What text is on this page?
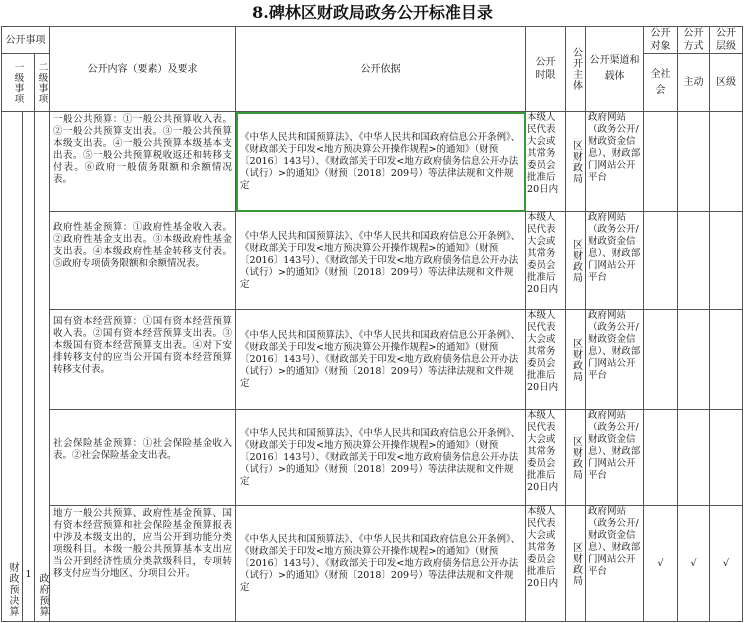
8.碑林区财政局政务公开标准目录
公开事项			公开内容（要素）及要求	公开依据	公开时限	公开主体	公开渠道和载体	公开对象	公开方式	公开层级

一级事项		二级事项						全社会	主动	区级

财政预决算	1	政府预算	一般公共预算：①一般公共预算收入表。②一般公共预算支出表。③一般公共预算本级支出表。④一般公共预算本级基本支出表。⑤一般公共预算税收返还和转移支付表。⑥政府一般债务限额和余额情况表。	《中华人民共和国预算法》、《中华人民共和国政府信息公开条例》、《财政部关于印发<地方预决算公开操作规程>的通知》（财预〔2016〕143号）、《财政部关于印发<地方政府债务信息公开办法（试行）>的通知》（财预〔2018〕209号）等法律法规和文件规定	本级人民代表大会或其常务委员会批准后20日内	区财政局	政府网站（政务公开/财政资金信息）、财政部门网站公开平台			
			政府性基金预算：①政府性基金收入表。②政府性基金支出表。③本级政府性基金支出表。④本级政府性基金转移支付表。⑤政府专项债务限额和余额情况表。	《中华人民共和国预算法》、《中华人民共和国政府信息公开条例》、《财政部关于印发<地方预决算公开操作规程>的通知》（财预〔2016〕143号）、《财政部关于印发<地方政府债务信息公开办法（试行）>的通知》（财预〔2018〕209号）等法律法规和文件规定	本级人民代表大会或其常务委员会批准后20日内	区财政局	政府网站（政务公开/财政资金信息）、财政部门网站公开平台			
			国有资本经营预算：①国有资本经营预算收入表。②国有资本经营预算支出表。③本级国有资本经营预算支出表。④对下安排转移支付的应当公开国有资本经营预算转移支付表。	《中华人民共和国预算法》、《中华人民共和国政府信息公开条例》、《财政部关于印发<地方预决算公开操作规程>的通知》（财预〔2016〕143号）、《财政部关于印发<地方政府债务信息公开办法（试行）>的通知》（财预〔2018〕209号）等法律法规和文件规定	本级人民代表大会或其常务委员会批准后20日内	区财政局	政府网站（政务公开/财政资金信息）、财政部门网站公开平台			
			社会保险基金预算：①社会保险基金收入表。②社会保险基金支出表。	《中华人民共和国预算法》、《中华人民共和国政府信息公开条例》、《财政部关于印发<地方预决算公开操作规程>的通知》（财预〔2016〕143号）、《财政部关于印发<地方政府债务信息公开办法（试行）>的通知》（财预〔2018〕209号）等法律法规和文件规定	本级人民代表大会或其常务委员会批准后20日内	区财政局	政府网站（政务公开/财政资金信息）、财政部门网站公开平台			
			地方一般公共预算、政府性基金预算、国有资本经营预算和社会保险基金预算报表中涉及本级支出的，应当公开到功能分类项级科目。本级一般公共预算基本支出应当公开到经济性质分类款级科目，专项转移支付应当分地区、分项目公开。	《中华人民共和国预算法》、《中华人民共和国政府信息公开条例》、《财政部关于印发<地方预决算公开操作规程>的通知》（财预〔2016〕143号）、《财政部关于印发<地方政府债务信息公开办法（试行）>的通知》（财预〔2018〕209号）等法律法规和文件规定	本级人民代表大会或其常务委员会批准后20日内	区财政局	政府网站（政务公开/财政资金信息）、财政部门网站公开平台	√	√	√
